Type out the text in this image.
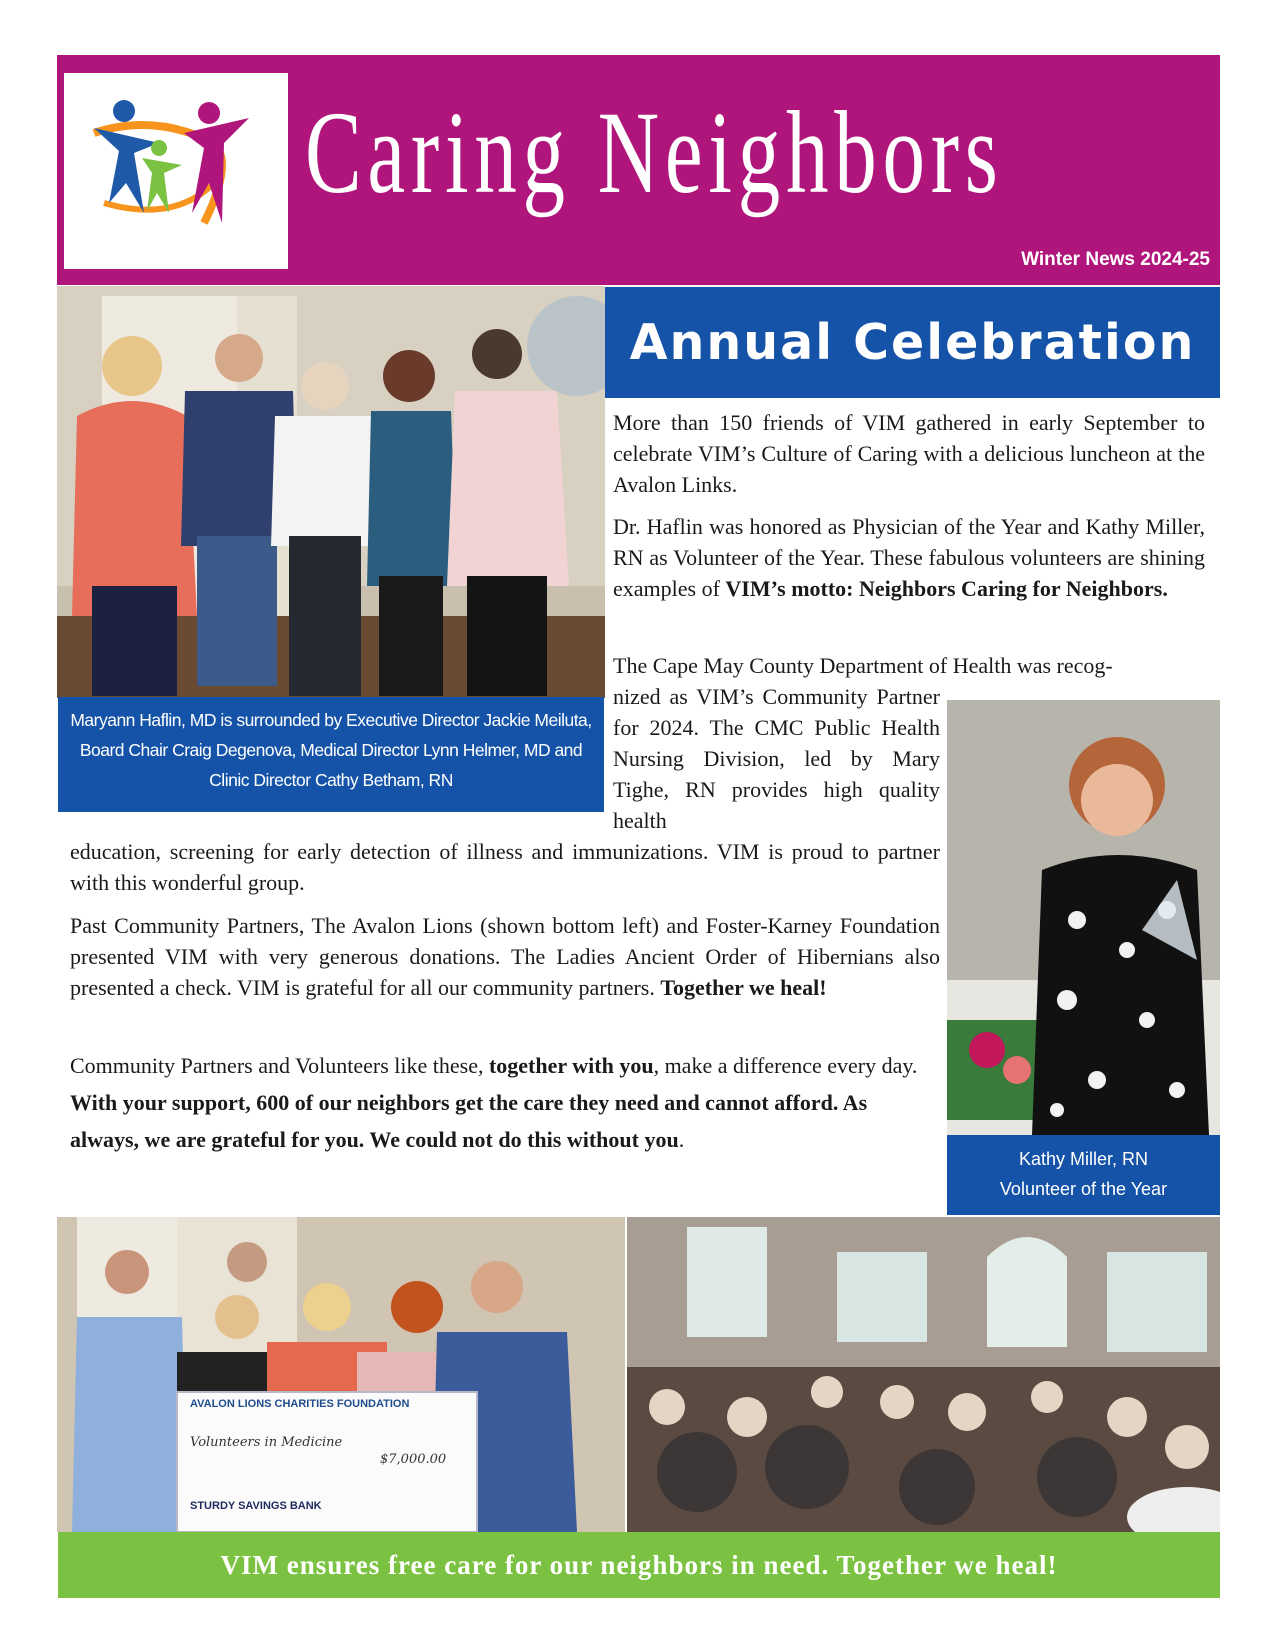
Caring Neighbors
Winter News 2024-25
Maryann Haflin, MD is surrounded by Executive Director Jackie Meiluta, Board Chair Craig Degenova, Medical Director Lynn Helmer, MD and Clinic Director Cathy Betham, RN
Annual Celebration
More than 150 friends of VIM gathered in early September to celebrate VIM’s Culture of Caring with a delicious luncheon at the Avalon Links.
Dr. Haflin was honored as Physician of the Year and Kathy Miller, RN as Volunteer of the Year. These fabulous volunteers are shining examples of VIM’s motto: Neighbors Caring for Neighbors.
The Cape May County Department of Health was recog-
nized as VIM’s Community Partner for 2024. The CMC Public Health Nursing Division, led by Mary Tighe, RN provides high quality health
education, screening for early detection of illness and immunizations. VIM is proud to partner with this wonderful group.
Past Community Partners, The Avalon Lions (shown bottom left) and Foster-Karney Foundation presented VIM with very generous donations. The Ladies Ancient Order of Hibernians also presented a check. VIM is grateful for all our community partners. Together we heal!
Community Partners and Volunteers like these, together with you, make a difference every day. With your support, 600 of our neighbors get the care they need and cannot afford. As always, we are grateful for you. We could not do this without you.
Kathy Miller, RN
Volunteer of the Year
AVALON LIONS CHARITIES FOUNDATION
Volunteers in Medicine
$7,000.00
STURDY SAVINGS BANK
VIM ensures free care for our neighbors in need. Together we heal!
